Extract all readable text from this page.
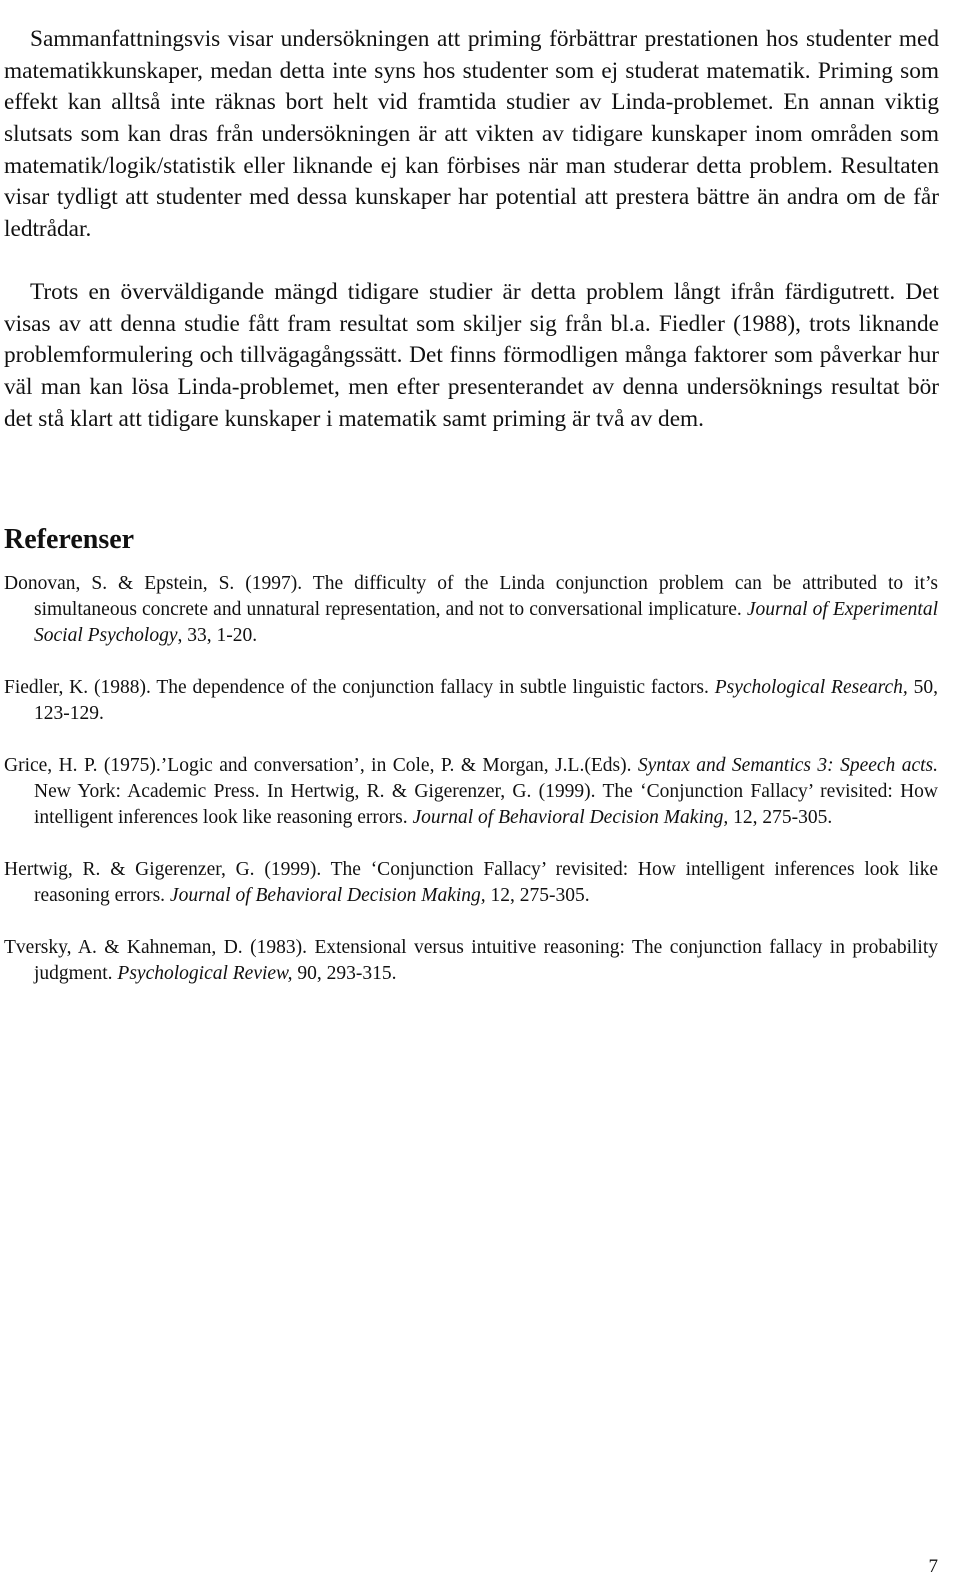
Sammanfattningsvis visar undersökningen att priming förbättrar prestationen hos studenter med matematikkunskaper, medan detta inte syns hos studenter som ej studerat matematik. Priming som effekt kan alltså inte räknas bort helt vid framtida studier av Linda-problemet. En annan viktig slutsats som kan dras från undersökningen är att vikten av tidigare kunskaper inom områden som matematik/logik/statistik eller liknande ej kan förbises när man studerar detta problem. Resultaten visar tydligt att studenter med dessa kunskaper har potential att prestera bättre än andra om de får ledtrådar.

Trots en överväldigande mängd tidigare studier är detta problem långt ifrån färdigutrett. Det visas av att denna studie fått fram resultat som skiljer sig från bl.a. Fiedler (1988), trots liknande problemformulering och tillvägagångssätt. Det finns förmodligen många faktorer som påverkar hur väl man kan lösa Linda-problemet, men efter presenterandet av denna undersöknings resultat bör det stå klart att tidigare kunskaper i matematik samt priming är två av dem.

Referenser

Donovan, S. & Epstein, S. (1997). The difficulty of the Linda conjunction problem can be attributed to it’s simultaneous concrete and unnatural representation, and not to conversational implicature. Journal of Experimental Social Psychology, 33, 1-20.

Fiedler, K. (1988). The dependence of the conjunction fallacy in subtle linguistic factors. Psychological Research, 50, 123-129.

Grice, H. P. (1975).’Logic and conversation’, in Cole, P. & Morgan, J.L.(Eds). Syntax and Semantics 3: Speech acts. New York: Academic Press. In Hertwig, R. & Gigerenzer, G. (1999). The ‘Conjunction Fallacy’ revisited: How intelligent inferences look like reasoning errors. Journal of Behavioral Decision Making, 12, 275-305.

Hertwig, R. & Gigerenzer, G. (1999). The ‘Conjunction Fallacy’ revisited: How intelligent inferences look like reasoning errors. Journal of Behavioral Decision Making, 12, 275-305.

Tversky, A. & Kahneman, D. (1983). Extensional versus intuitive reasoning: The conjunction fallacy in probability judgment. Psychological Review, 90, 293-315.

7
